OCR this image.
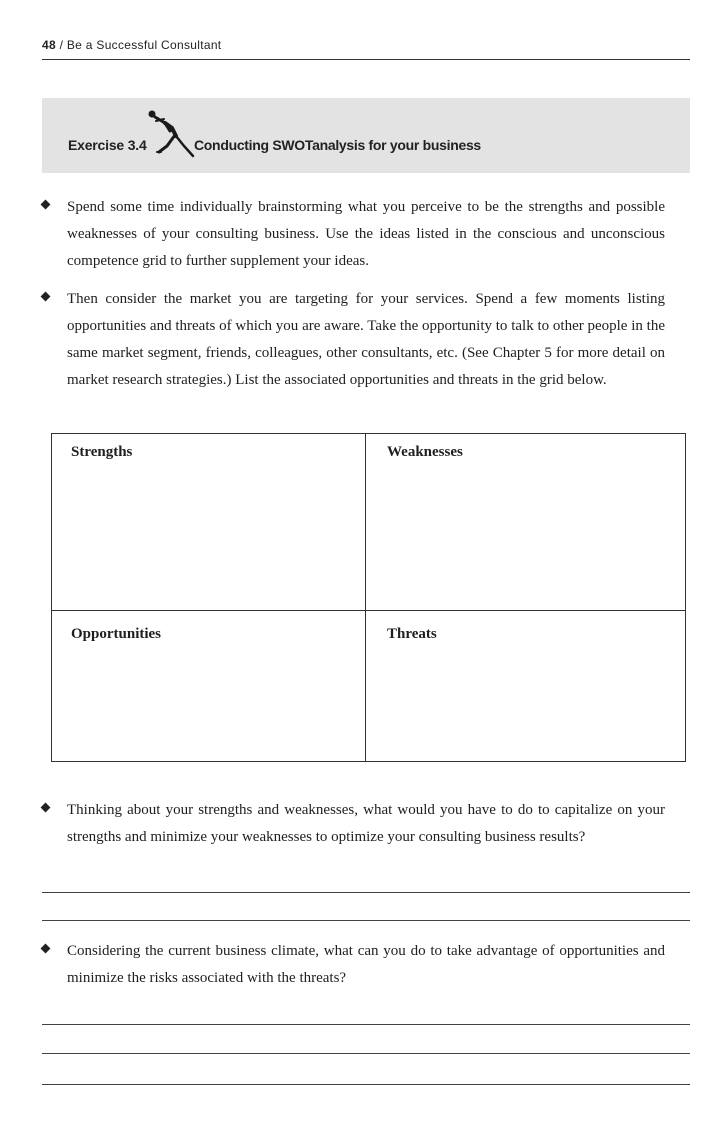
48 / Be a Successful Consultant
Exercise 3.4	Conducting SWOTanalysis for your business

Spend some time individually brainstorming what you perceive to be the strengths and possible weaknesses of your consulting business. Use the ideas listed in the conscious and unconscious competence grid to further supplement your ideas.

Then consider the market you are targeting for your services. Spend a few moments listing opportunities and threats of which you are aware. Take the opportunity to talk to other people in the same market segment, friends, colleagues, other consultants, etc. (See Chapter 5 for more detail on market research strategies.) List the associated opportunities and threats in the grid below.

Strengths	Weaknesses
Opportunities	Threats

Thinking about your strengths and weaknesses, what would you have to do to capitalize on your strengths and minimize your weaknesses to optimize your consulting business results?

Considering the current business climate, what can you do to take advantage of opportunities and minimize the risks associated with the threats?
